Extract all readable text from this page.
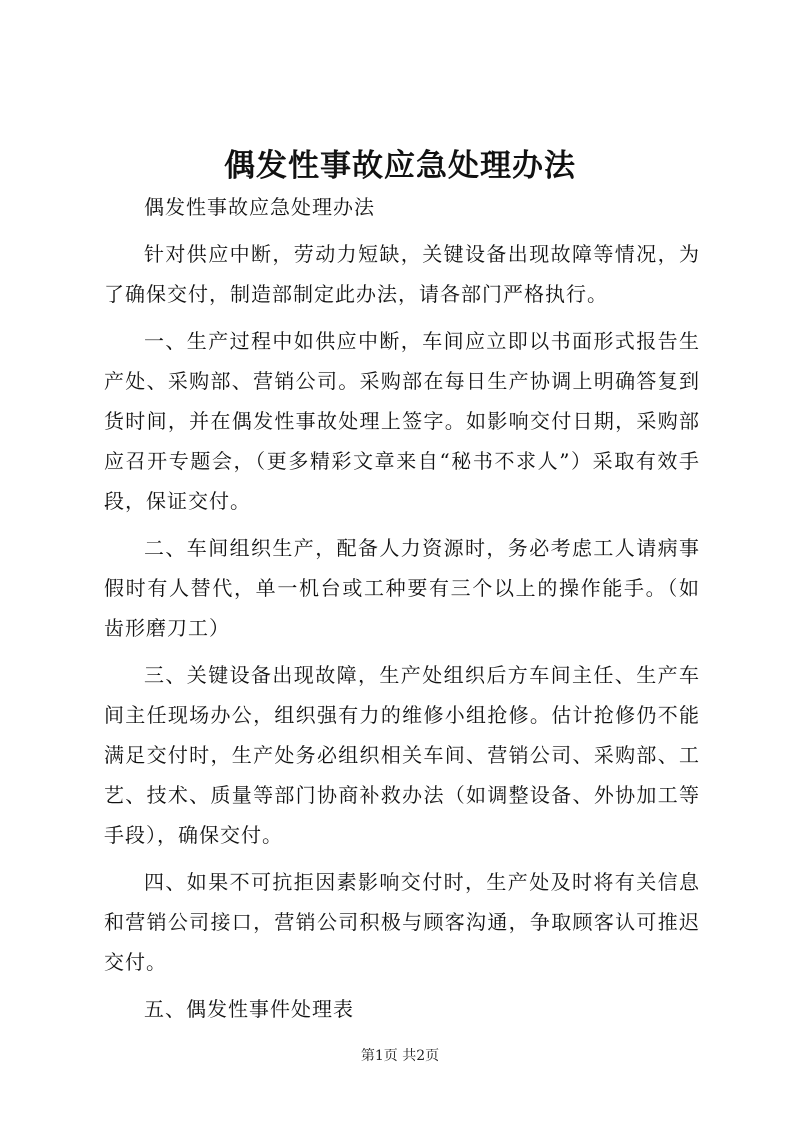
偶发性事故应急处理办法

偶发性事故应急处理办法

针对供应中断，劳动力短缺，关键设备出现故障等情况，为了确保交付，制造部制定此办法，请各部门严格执行。

一、生产过程中如供应中断，车间应立即以书面形式报告生产处、采购部、营销公司。采购部在每日生产协调上明确答复到货时间，并在偶发性事故处理上签字。如影响交付日期，采购部应召开专题会，（更多精彩文章来自“秘书不求人”）采取有效手段，保证交付。

二、车间组织生产，配备人力资源时，务必考虑工人请病事假时有人替代，单一机台或工种要有三个以上的操作能手。（如齿形磨刀工）

三、关键设备出现故障，生产处组织后方车间主任、生产车间主任现场办公，组织强有力的维修小组抢修。估计抢修仍不能满足交付时，生产处务必组织相关车间、营销公司、采购部、工艺、技术、质量等部门协商补救办法（如调整设备、外协加工等手段），确保交付。

四、如果不可抗拒因素影响交付时，生产处及时将有关信息和营销公司接口，营销公司积极与顾客沟通，争取顾客认可推迟交付。

五、偶发性事件处理表

第1页 共2页
